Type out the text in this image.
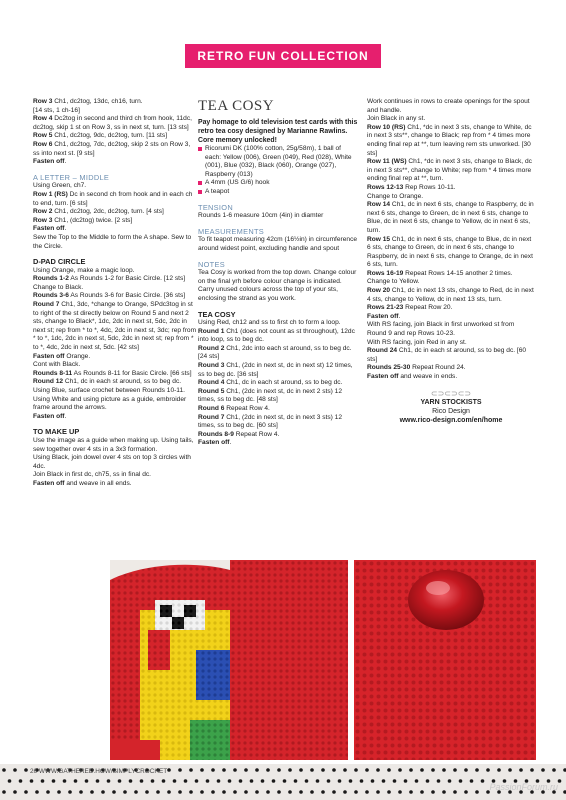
RETRO FUN COLLECTION

Row 3 Ch1, dc2tog, 13dc, ch16, turn.

[14 sts, 1 ch-16]

Row 4 Dc2tog in second and third ch from hook, 11dc, dc2tog, skip 1 st on Row 3, ss in next st, turn. [13 sts]

Row 5 Ch1, dc2tog, 9dc, dc2tog, turn. [11 sts]

Row 6 Ch1, dc2tog, 7dc, dc2tog, skip 2 sts on Row 3, ss into next st. [9 sts]

Fasten off.

A LETTER – MIDDLE

Using Green, ch7.

Row 1 (RS) Dc in second ch from hook and in each ch to end, turn. [6 sts]

Row 2 Ch1, dc2tog, 2dc, dc2tog, turn. [4 sts]

Row 3 Ch1, (dc2tog) twice. [2 sts]

Fasten off.

Sew the Top to the Middle to form the A shape. Sew to the Circle.

D-PAD CIRCLE

Using Orange, make a magic loop.

Rounds 1-2 As Rounds 1-2 for Basic Circle. [12 sts]

Change to Black.

Rounds 3-6 As Rounds 3-6 for Basic Circle. [36 sts]

Round 7 Ch1, 3dc, *change to Orange, SPdc3tog in st to right of the st directly below on Round 5 and next 2 sts, change to Black*, 1dc, 2dc in next st, 5dc, 2dc in next st; rep from * to *, 4dc, 2dc in next st, 3dc; rep from * to *, 1dc, 2dc in next st, 5dc, 2dc in next st; rep from * to *, 4dc, 2dc in next st, 5dc. [42 sts]

Fasten off Orange.

Cont with Black.

Rounds 8-11 As Rounds 8-11 for Basic Circle. [66 sts]

Round 12 Ch1, dc in each st around, ss to beg dc.

Using Blue, surface crochet between Rounds 10-11.

Using White and using picture as a guide, embroider frame around the arrows.

Fasten off.

TO MAKE UP

Use the image as a guide when making up. Using tails, sew together over 4 sts in a 3x3 formation.

Using Black, join dowel over 4 sts on top 3 circles with 4dc.

Join Black in first dc, ch75, ss in final dc.

Fasten off and weave in all ends.

TEA COSY

Pay homage to old television test cards with this retro tea cosy designed by Marianne Rawlins. Core memory unlocked!

Ricorumi DK (100% cotton, 25g/58m), 1 ball of each: Yellow (006), Green (049), Red (028), White (001), Blue (032), Black (060), Orange (027), Raspberry (013)
A 4mm (US G/6) hook
A teapot
TENSION

Rounds 1-6 measure 10cm (4in) in diamter

MEASUREMENTS

To fit teapot measuring 42cm (16½in) in circumference around widest point, excluding handle and spout

NOTES

Tea Cosy is worked from the top down. Change colour on the final yrh before colour change is indicated. Carry unused colours across the top of your sts, enclosing the strand as you work.

TEA COSY

Using Red, ch12 and ss to first ch to form a loop.

Round 1 Ch1 (does not count as st throughout), 12dc into loop, ss to beg dc.

Round 2 Ch1, 2dc into each st around, ss to beg dc. [24 sts]

Round 3 Ch1, (2dc in next st, dc in next st) 12 times, ss to beg dc. [36 sts]

Round 4 Ch1, dc in each st around, ss to beg dc.

Round 5 Ch1, (2dc in next st, dc in next 2 sts) 12 times, ss to beg dc. [48 sts]

Round 6 Repeat Row 4.

Round 7 Ch1, (2dc in next st, dc in next 3 sts) 12 times, ss to beg dc. [60 sts]

Rounds 8-9 Repeat Row 4.

Fasten off.

Work continues in rows to create openings for the spout and handle.

Join Black in any st.

Row 10 (RS) Ch1, *dc in next 3 sts, change to White, dc in next 3 sts**, change to Black; rep from * 4 times more ending final rep at **, turn leaving rem sts unworked. [30 sts]

Row 11 (WS) Ch1, *dc in next 3 sts, change to Black, dc in next 3 sts**, change to White; rep from * 4 times more ending final rep at **, turn.

Rows 12-13 Rep Rows 10-11.

Change to Orange.

Row 14 Ch1, dc in next 6 sts, change to Raspberry, dc in next 6 sts, change to Green, dc in next 6 sts, change to Blue, dc in next 6 sts, change to Yellow, dc in next 6 sts, turn.

Row 15 Ch1, dc in next 6 sts, change to Blue, dc in next 6 sts, change to Green, dc in next 6 sts, change to Raspberry, dc in next 6 sts, change to Orange, dc in next 6 sts, turn.

Rows 16-19 Repeat Rows 14-15 another 2 times.

Change to Yellow.

Row 20 Ch1, dc in next 13 sts, change to Red, dc in next 4 sts, change to Yellow, dc in next 13 sts, turn.

Rows 21-23 Repeat Row 20.

Fasten off.

With RS facing, join Black in first unworked st from Round 9 and rep Rows 10-23.

With RS facing, join Red in any st.

Round 24 Ch1, dc in each st around, ss to beg dc. [60 sts]

Rounds 25-30 Repeat Round 24.

Fasten off and weave in ends.

⊂⊃⊂⊃⊂⊃
YARN STOCKISTS
Rico Design
www.rico-design.com/en/home
26 WWW.GATHERED.HOW/SIMPLYCROCHET
PassionForum.ru
